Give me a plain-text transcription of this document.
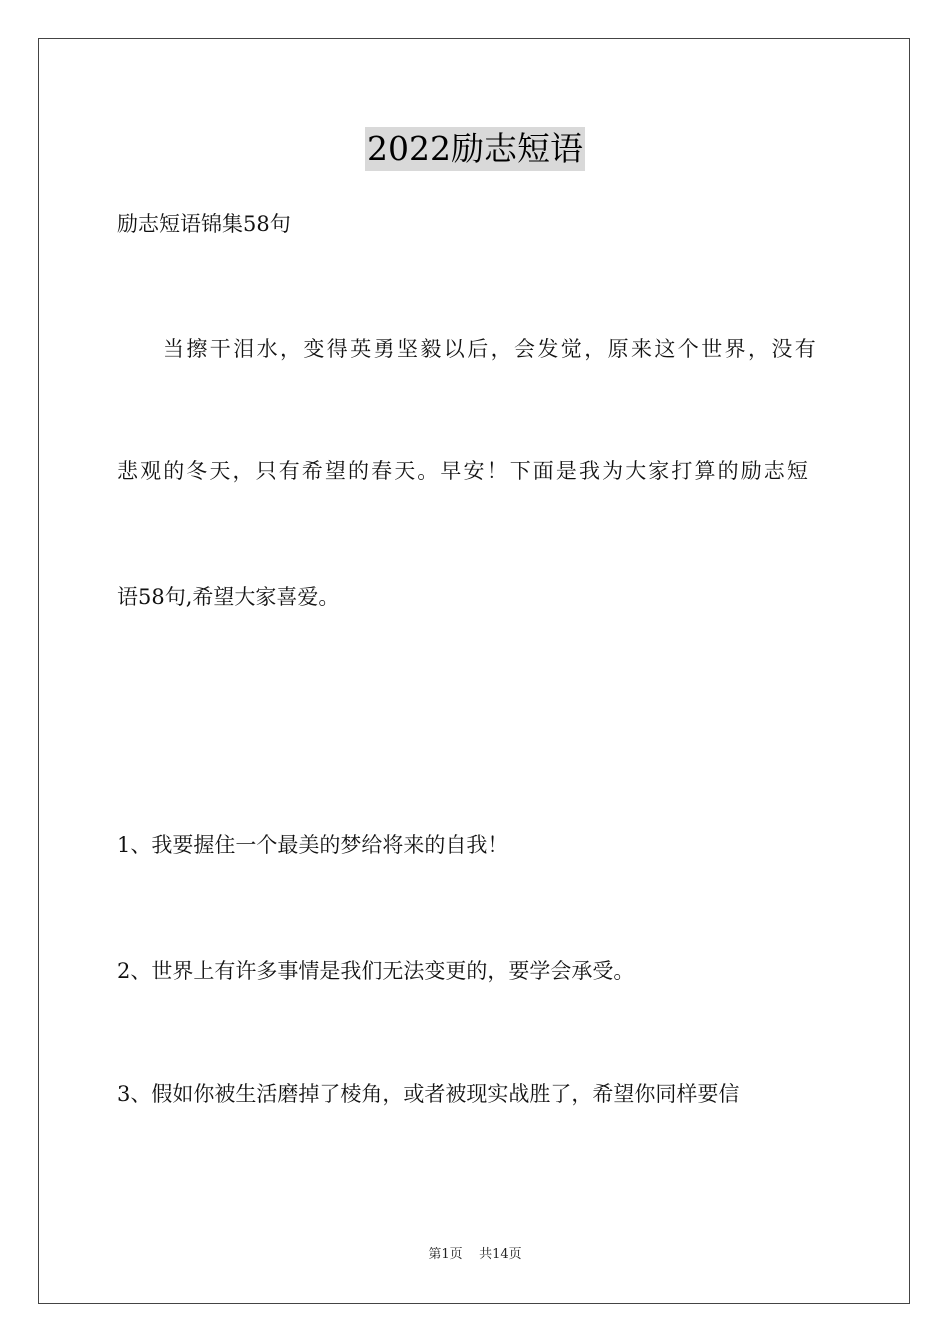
2022励志短语
励志短语锦集58句
当擦干泪水，变得英勇坚毅以后，会发觉，原来这个世界，没有
悲观的冬天，只有希望的春天。早安！下面是我为大家打算的励志短
语58句,希望大家喜爱。
1、我要握住一个最美的梦给将来的自我！
2、世界上有许多事情是我们无法变更的，要学会承受。
3、假如你被生活磨掉了棱角，或者被现实战胜了，希望你同样要信
第1页 共14页
